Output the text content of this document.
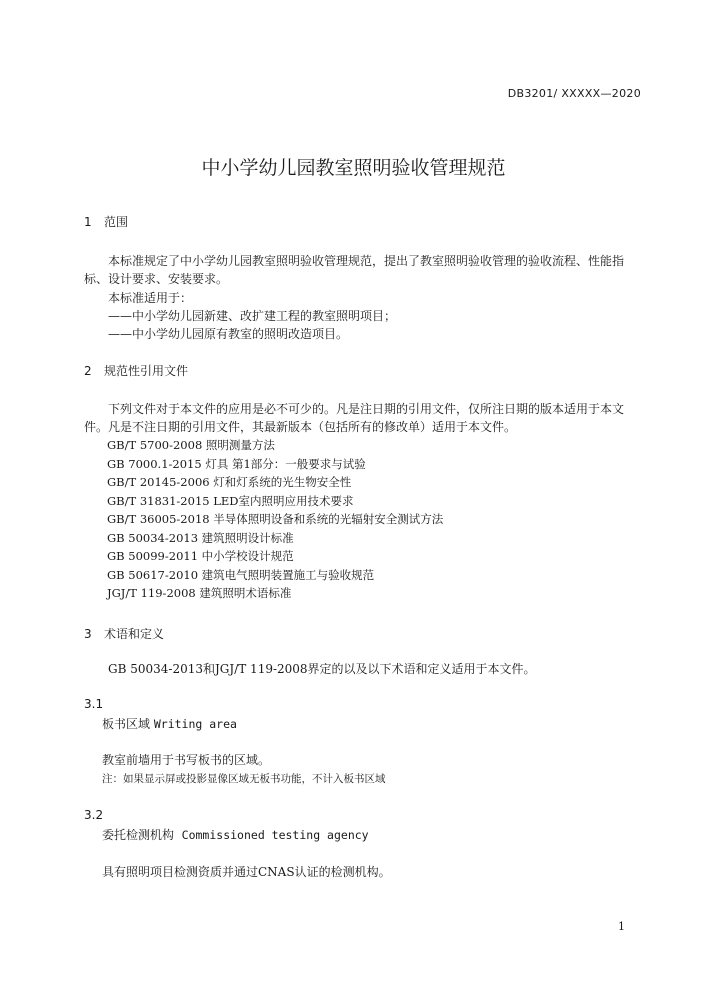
DB3201/ XXXXX—2020
中小学幼儿园教室照明验收管理规范
1 范围
本标准规定了中小学幼儿园教室照明验收管理规范，提出了教室照明验收管理的验收流程、性能指
标、设计要求、安装要求。
本标准适用于：
——中小学幼儿园新建、改扩建工程的教室照明项目；
——中小学幼儿园原有教室的照明改造项目。
2 规范性引用文件
下列文件对于本文件的应用是必不可少的。凡是注日期的引用文件，仅所注日期的版本适用于本文
件。凡是不注日期的引用文件，其最新版本（包括所有的修改单）适用于本文件。
GB/T 5700-2008 照明测量方法
GB 7000.1-2015 灯具 第1部分：一般要求与试验
GB/T 20145-2006 灯和灯系统的光生物安全性
GB/T 31831-2015 LED室内照明应用技术要求
GB/T 36005-2018 半导体照明设备和系统的光辐射安全测试方法
GB 50034-2013 建筑照明设计标准
GB 50099-2011 中小学校设计规范
GB 50617-2010 建筑电气照明装置施工与验收规范
JGJ/T 119-2008 建筑照明术语标准
3 术语和定义
GB 50034-2013和JGJ/T 119-2008界定的以及以下术语和定义适用于本文件。
3.1
板书区域 Writing area
教室前墙用于书写板书的区域。
注：如果显示屏或投影显像区域无板书功能，不计入板书区域
3.2
委托检测机构 Commissioned testing agency
具有照明项目检测资质并通过CNAS认证的检测机构。
1
